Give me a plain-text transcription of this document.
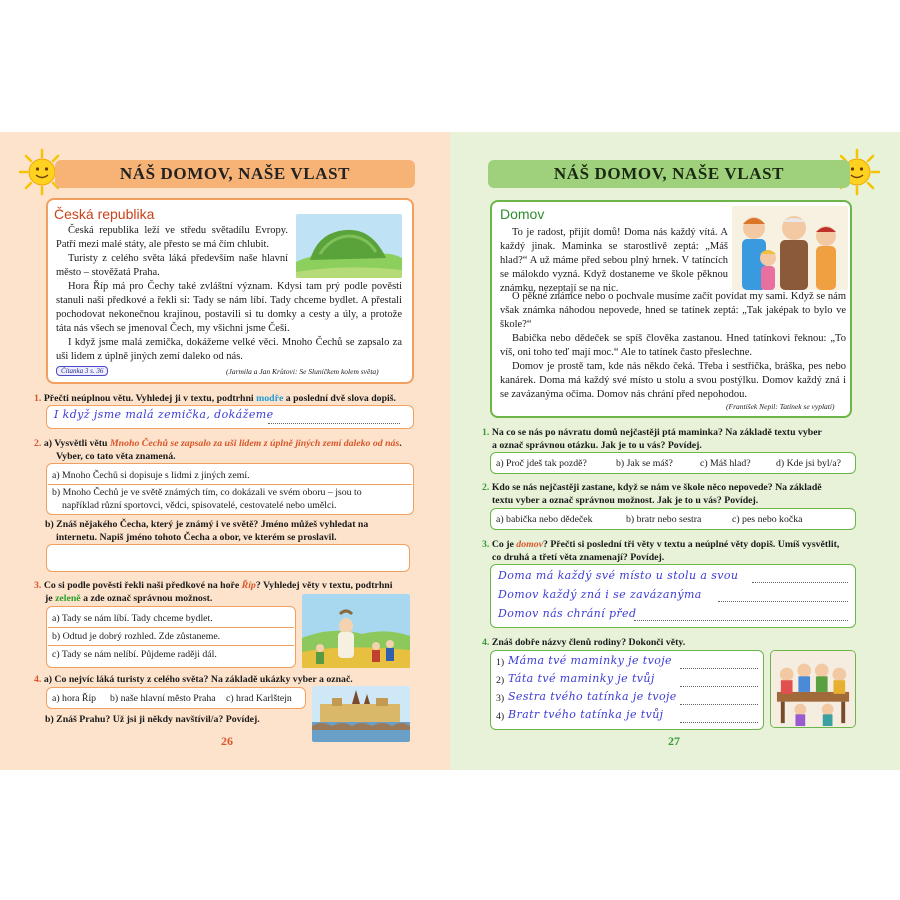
NÁŠ DOMOV, NAŠE VLAST	NÁŠ DOMOV, NAŠE VLAST
Česká republika
Česká republika leží ve středu světadílu Evropy. Patří mezi malé státy, ale přesto se má čím chlubit.
Turisty z celého světa láká především naše hlavní město – stověžatá Praha.
Hora Říp má pro Čechy také zvláštní význam. Kdysi tam prý podle pověsti stanuli naši předkové a řekli si: Tady se nám líbí. Tady chceme bydlet. A přestali pochodovat nekonečnou krajinou, postavili si tu domky a cesty a úly, a protože táta nás všech se jmenoval Čech, my všichni jsme Češi.
I když jsme malá zemička, dokážeme velké věci. Mnoho Čechů se zapsalo za uši lidem z úplně jiných zemí daleko od nás.
Čítanka 3 s. 36	(Jarmila a Jan Krůtovi: Se Sluníčkem kolem světa)
1. Přečti neúplnou větu. Vyhledej ji v textu, podtrhni modře a poslední dvě slova dopiš.
I když jsme malá zemička, dokážeme
2. a) Vysvětli větu Mnoho Čechů se zapsalo za uši lidem z úplně jiných zemí daleko od nás.
Vyber, co tato věta znamená.
a) Mnoho Čechů si dopisuje s lidmi z jiných zemí.
b) Mnoho Čechů je ve světě známých tím, co dokázali ve svém oboru – jsou to
například různí sportovci, vědci, spisovatelé, cestovatelé nebo umělci.
b) Znáš nějakého Čecha, který je známý i ve světě? Jméno můžeš vyhledat na
internetu. Napiš jméno tohoto Čecha a obor, ve kterém se proslavil.
3. Co si podle pověsti řekli naši předkové na hoře Říp? Vyhledej věty v textu, podtrhni
je zeleně a zde označ správnou možnost.
a) Tady se nám líbí. Tady chceme bydlet.
b) Odtud je dobrý rozhled. Zde zůstaneme.
c) Tady se nám nelíbí. Půjdeme raději dál.
4. a) Co nejvíc láká turisty z celého světa? Na základě ukázky vyber a označ.
a) hora Říp b) naše hlavní město Praha c) hrad Karlštejn
b) Znáš Prahu? Už jsi ji někdy navštívil/a? Povídej.
26
Domov
To je radost, přijít domů! Doma nás každý vítá. A každý jinak. Maminka se starostlivě zeptá: „Máš hlad?“ A už máme před sebou plný hrnek. V tatíncích se málokdo vyzná. Když dostaneme ve škole pěknou známku, nezeptají se na nic.
O pěkné známce nebo o pochvale musíme začít povídat my sami. Když se nám však známka náhodou nepovede, hned se tatínek zeptá: „Tak jaképak to bylo ve škole?“
Babička nebo dědeček se spíš člověka zastanou. Hned tatínkovi řeknou: „To víš, oni toho teď mají moc.“ Ale to tatínek často přeslechne.
Domov je prostě tam, kde nás někdo čeká. Třeba i sestřička, bráška, pes nebo kanárek. Doma má každý své místo u stolu a svou postýlku. Domov každý zná i se zavázanýma očima. Domov nás chrání před nepohodou.
(František Nepil: Tatínek se vyplatí)
1. Na co se nás po návratu domů nejčastěji ptá maminka? Na základě textu vyber
a označ správnou otázku. Jak je to u vás? Povídej.
a) Proč jdeš tak pozdě?	b) Jak se máš?	c) Máš hlad?	d) Kde jsi byl/a?
2. Kdo se nás nejčastěji zastane, když se nám ve škole něco nepovede? Na základě
textu vyber a označ správnou možnost. Jak je to u vás? Povídej.
a) babička nebo dědeček	b) bratr nebo sestra	c) pes nebo kočka
3. Co je domov? Přečti si poslední tři věty v textu a neúplné věty dopiš. Umíš vysvětlit,
co druhá a třetí věta znamenají? Povídej.
Doma má každý své místo u stolu a svou
Domov každý zná i se zavázanýma
Domov nás chrání před
4. Znáš dobře názvy členů rodiny? Dokonči věty.
1) Máma tvé maminky je tvoje
2) Táta tvé maminky je tvůj
3) Sestra tvého tatínka je tvoje
4) Bratr tvého tatínka je tvůj
27
